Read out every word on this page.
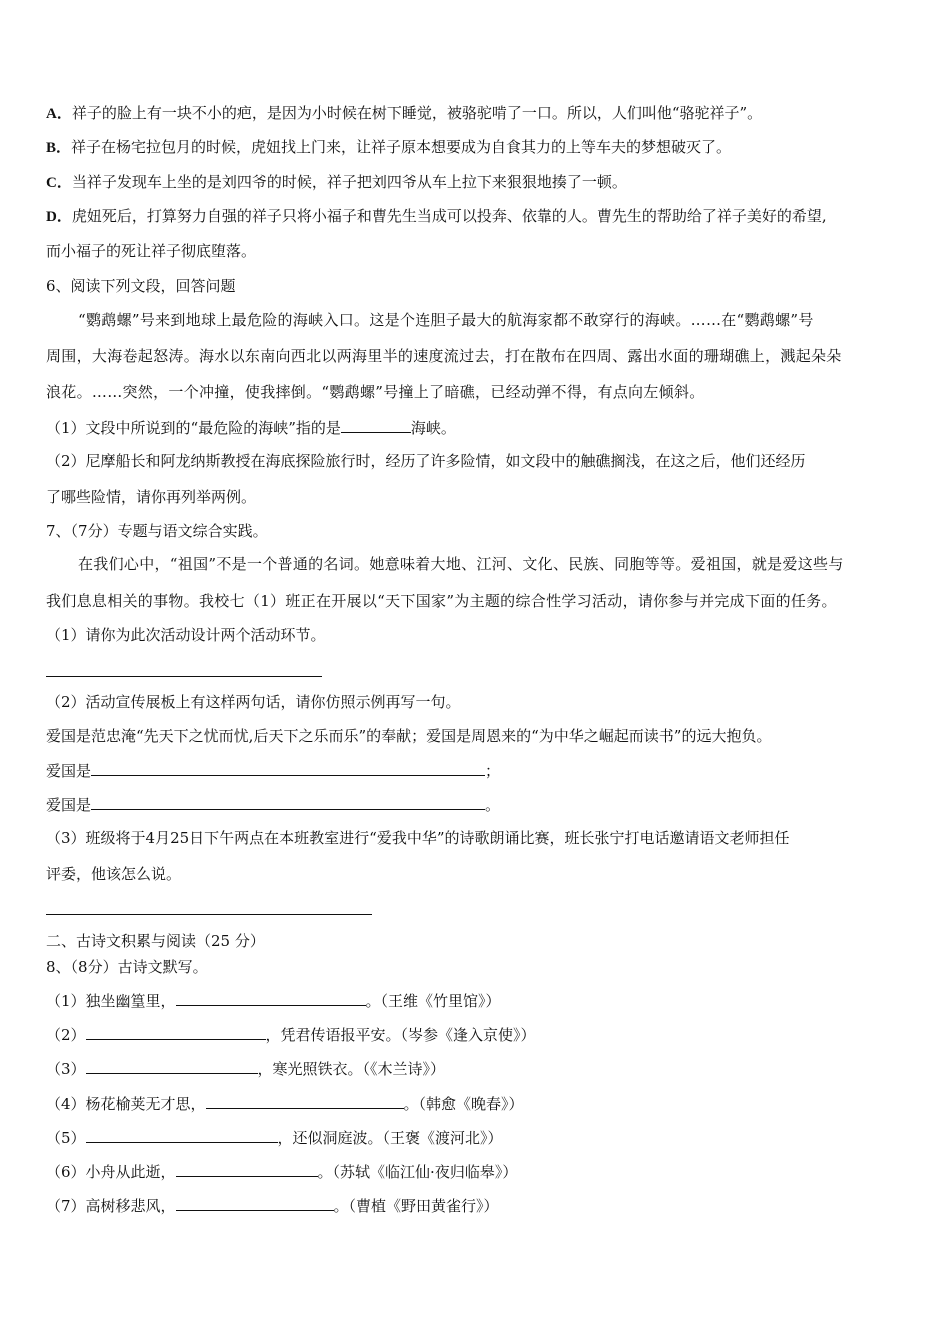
A．祥子的脸上有一块不小的疤，是因为小时候在树下睡觉，被骆驼啃了一口。所以，人们叫他“骆驼祥子”。
B．祥子在杨宅拉包月的时候，虎妞找上门来，让祥子原本想要成为自食其力的上等车夫的梦想破灭了。
C．当祥子发现车上坐的是刘四爷的时候，祥子把刘四爷从车上拉下来狠狠地揍了一顿。
D．虎妞死后，打算努力自强的祥子只将小福子和曹先生当成可以投奔、依靠的人。曹先生的帮助给了祥子美好的希望,
而小福子的死让祥子彻底堕落。
6、阅读下列文段，回答问题
“鹦鹉螺”号来到地球上最危险的海峡入口。这是个连胆子最大的航海家都不敢穿行的海峡。……在“鹦鹉螺”号
周围，大海卷起怒涛。海水以东南向西北以两海里半的速度流过去，打在散布在四周、露出水面的珊瑚礁上，溅起朵朵
浪花。……突然，一个冲撞，使我摔倒。“鹦鹉螺”号撞上了暗礁，已经动弹不得，有点向左倾斜。
（1）文段中所说到的“最危险的海峡”指的是	海峡。
（2）尼摩船长和阿龙纳斯教授在海底探险旅行时，经历了许多险情，如文段中的触礁搁浅，在这之后，他们还经历
了哪些险情，请你再列举两例。
7、（7分）专题与语文综合实践。
在我们心中，“祖国”不是一个普通的名词。她意味着大地、江河、文化、民族、同胞等等。爱祖国，就是爱这些与
我们息息相关的事物。我校七（1）班正在开展以“天下国家”为主题的综合性学习活动，请你参与并完成下面的任务。
（1）请你为此次活动设计两个活动环节。
（2）活动宣传展板上有这样两句话，请你仿照示例再写一句。
爱国是范忠淹“先天下之忧而忧,后天下之乐而乐”的奉献；爱国是周恩来的“为中华之崛起而读书”的远大抱负。
爱国是	；
爱国是	。
（3）班级将于4月25日下午两点在本班教室进行“爱我中华”的诗歌朗诵比赛，班长张宁打电话邀请语文老师担任
评委，他该怎么说。
二、古诗文积累与阅读（25 分）
8、（8分）古诗文默写。
（1）独坐幽篁里，	。（王维《竹里馆》）
（2）	，凭君传语报平安。（岑参《逢入京使》）
（3）	，寒光照铁衣。（《木兰诗》）
（4）杨花榆荚无才思，	。（韩愈《晚春》）
（5）	，还似洞庭波。（王褒《渡河北》）
（6）小舟从此逝，	。（苏轼《临江仙·夜归临皋》）
（7）高树移悲风，	。（曹植《野田黄雀行》）
